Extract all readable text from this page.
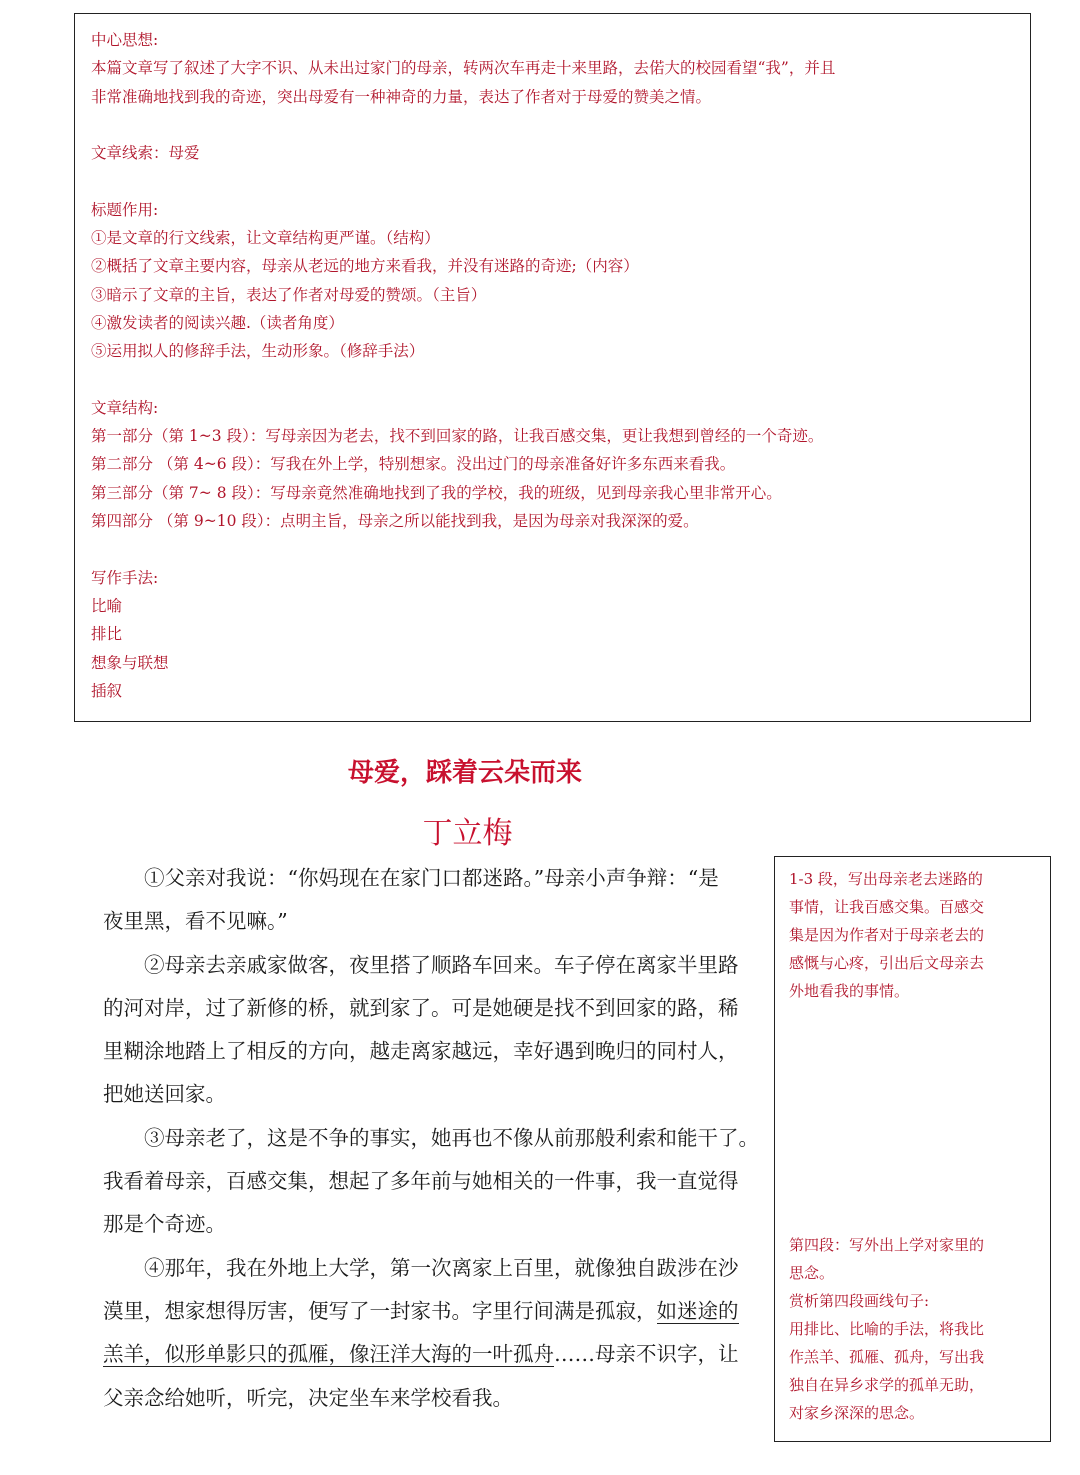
中心思想:
本篇文章写了叙述了大字不识、从未出过家门的母亲，转两次车再走十来里路，去偌大的校园看望“我”，并且
非常准确地找到我的奇迹，突出母爱有一种神奇的力量，表达了作者对于母爱的赞美之情。
文章线索：母爱
标题作用:
①是文章的行文线索，让文章结构更严谨。（结构）
②概括了文章主要内容，母亲从老远的地方来看我，并没有迷路的奇迹;（内容）
③暗示了文章的主旨，表达了作者对母爱的赞颂。（主旨）
④激发读者的阅读兴趣.（读者角度）
⑤运用拟人的修辞手法，生动形象。（修辞手法）
文章结构:
第一部分（第 1~3 段）：写母亲因为老去，找不到回家的路，让我百感交集，更让我想到曾经的一个奇迹。
第二部分 （第 4~6 段）：写我在外上学，特别想家。没出过门的母亲准备好许多东西来看我。
第三部分（第 7~ 8 段）：写母亲竟然准确地找到了我的学校，我的班级，见到母亲我心里非常开心。
第四部分 （第 9~10 段）：点明主旨，母亲之所以能找到我，是因为母亲对我深深的爱。
写作手法:
比喻
排比
想象与联想
插叙
母爱，踩着云朵而来
丁立梅
①父亲对我说：“你妈现在在家门口都迷路。”母亲小声争辩：“是
夜里黑，看不见嘛。”
②母亲去亲戚家做客，夜里搭了顺路车回来。车子停在离家半里路
的河对岸，过了新修的桥，就到家了。可是她硬是找不到回家的路，稀
里糊涂地踏上了相反的方向，越走离家越远，幸好遇到晚归的同村人，
把她送回家。
③母亲老了，这是不争的事实，她再也不像从前那般利索和能干了。
我看着母亲，百感交集，想起了多年前与她相关的一件事，我一直觉得
那是个奇迹。
④那年，我在外地上大学，第一次离家上百里，就像独自跋涉在沙
漠里，想家想得厉害，便写了一封家书。字里行间满是孤寂，如迷途的
羔羊，似形单影只的孤雁，像汪洋大海的一叶孤舟……母亲不识字，让
父亲念给她听，听完，决定坐车来学校看我。
1-3 段，写出母亲老去迷路的
事情，让我百感交集。百感交
集是因为作者对于母亲老去的
感慨与心疼，引出后文母亲去
外地看我的事情。
第四段：写外出上学对家里的
思念。
赏析第四段画线句子:
用排比、比喻的手法，将我比
作羔羊、孤雁、孤舟，写出我
独自在异乡求学的孤单无助，
对家乡深深的思念。
